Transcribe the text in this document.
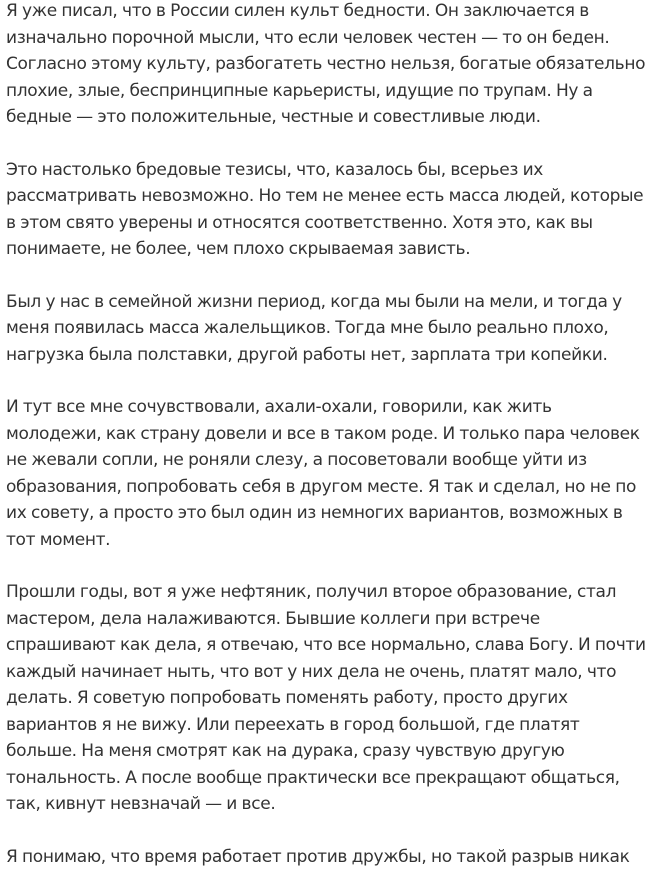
Я уже писал, что в России силен культ бедности. Он заключается в изначально порочной мысли, что если человек честен — то он беден. Согласно этому культу, разбогатеть честно нельзя, богатые обязательно плохие, злые, беспринципные карьеристы, идущие по трупам. Ну а бедные — это положительные, честные и совестливые люди.

Это настолько бредовые тезисы, что, казалось бы, всерьез их рассматривать невозможно. Но тем не менее есть масса людей, которые в этом свято уверены и относятся соответственно. Хотя это, как вы понимаете, не более, чем плохо скрываемая зависть.

Был у нас в семейной жизни период, когда мы были на мели, и тогда у меня появилась масса жалельщиков. Тогда мне было реально плохо, нагрузка была полставки, другой работы нет, зарплата три копейки.

И тут все мне сочувствовали, ахали-охали, говорили, как жить молодежи, как страну довели и все в таком роде. И только пара человек не жевали сопли, не роняли слезу, а посоветовали вообще уйти из образования, попробовать себя в другом месте. Я так и сделал, но не по их совету, а просто это был один из немногих вариантов, возможных в тот момент.

Прошли годы, вот я уже нефтяник, получил второе образование, стал мастером, дела налаживаются. Бывшие коллеги при встрече спрашивают как дела, я отвечаю, что все нормально, слава Богу. И почти каждый начинает ныть, что вот у них дела не очень, платят мало, что делать. Я советую попробовать поменять работу, просто других вариантов я не вижу. Или переехать в город большой, где платят больше. На меня смотрят как на дурака, сразу чувствую другую тональность. А после вообще практически все прекращают общаться, так, кивнут невзначай — и все.

Я понимаю, что время работает против дружбы, но такой разрыв никак
